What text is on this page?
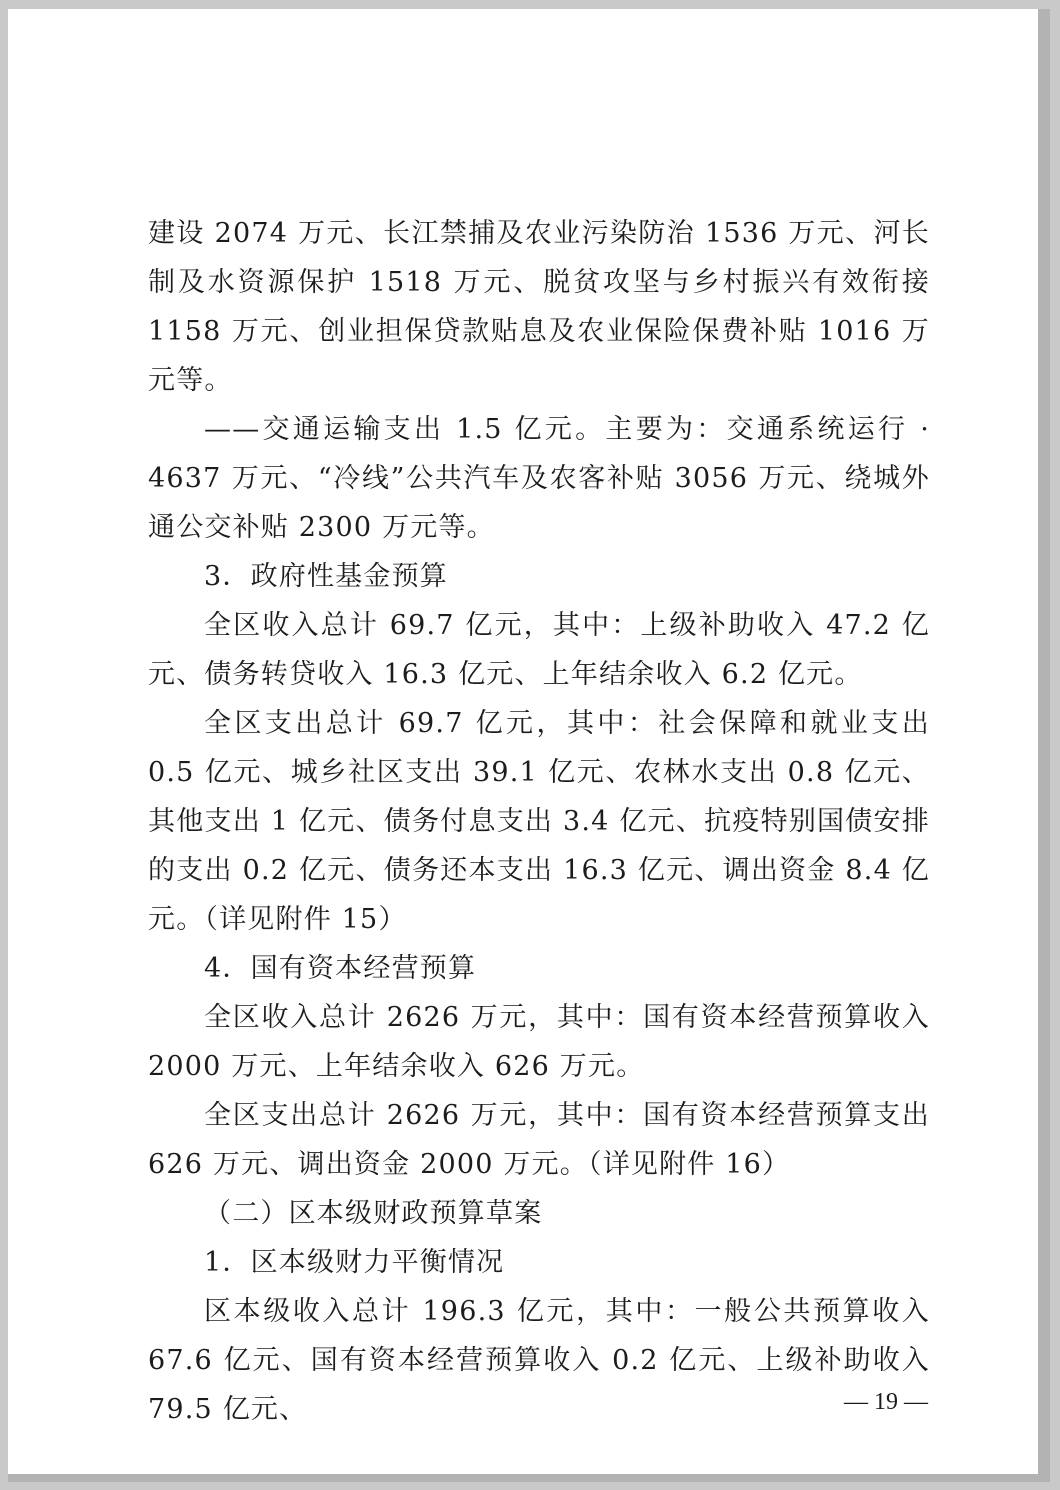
建设 2074 万元、长江禁捕及农业污染防治 1536 万元、河长制及水资源保护 1518 万元、脱贫攻坚与乡村振兴有效衔接 1158 万元、创业担保贷款贴息及农业保险保费补贴 1016 万元等。

——交通运输支出 1.5 亿元。主要为：交通系统运行 · 4637 万元、“冷线”公共汽车及农客补贴 3056 万元、绕城外通公交补贴 2300 万元等。

3．政府性基金预算

全区收入总计 69.7 亿元，其中：上级补助收入 47.2 亿元、债务转贷收入 16.3 亿元、上年结余收入 6.2 亿元。

全区支出总计 69.7 亿元，其中：社会保障和就业支出 0.5 亿元、城乡社区支出 39.1 亿元、农林水支出 0.8 亿元、其他支出 1 亿元、债务付息支出 3.4 亿元、抗疫特别国债安排的支出 0.2 亿元、债务还本支出 16.3 亿元、调出资金 8.4 亿元。（详见附件 15）

4．国有资本经营预算

全区收入总计 2626 万元，其中：国有资本经营预算收入 2000 万元、上年结余收入 626 万元。

全区支出总计 2626 万元，其中：国有资本经营预算支出 626 万元、调出资金 2000 万元。（详见附件 16）

（二）区本级财政预算草案

1．区本级财力平衡情况

区本级收入总计 196.3 亿元，其中：一般公共预算收入 67.6 亿元、国有资本经营预算收入 0.2 亿元、上级补助收入 79.5 亿元、	— 19 —
